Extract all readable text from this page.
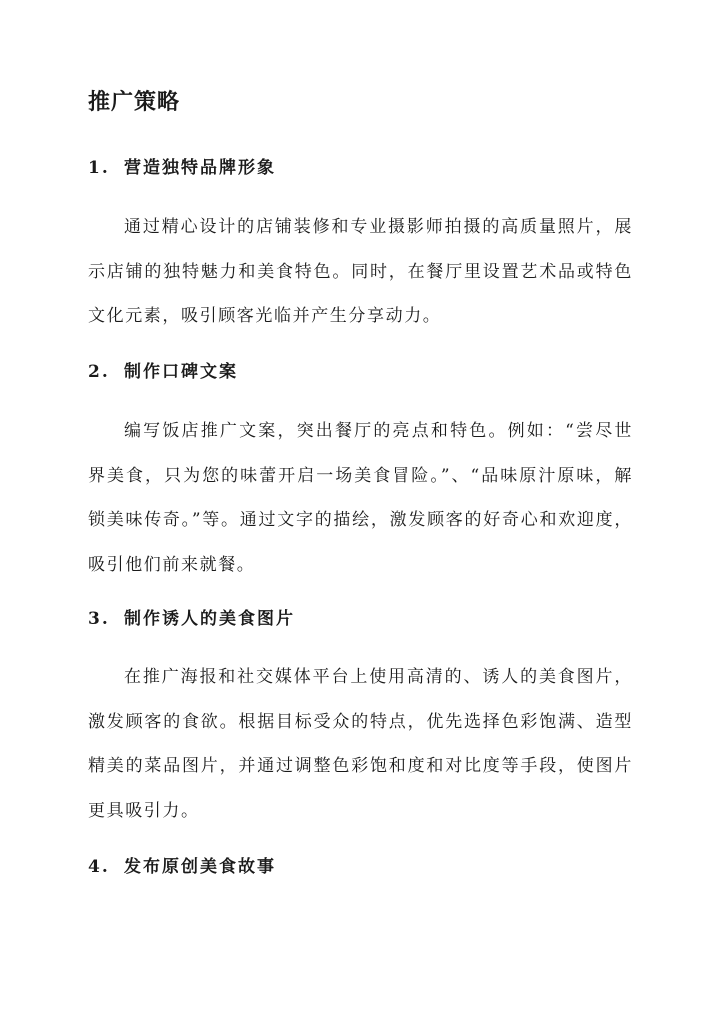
推广策略
1. 营造独特品牌形象

通过精心设计的店铺装修和专业摄影师拍摄的高质量照片，展示店铺的独特魅力和美食特色。同时，在餐厅里设置艺术品或特色文化元素，吸引顾客光临并产生分享动力。

2. 制作口碑文案

编写饭店推广文案，突出餐厅的亮点和特色。例如：“尝尽世界美食，只为您的味蕾开启一场美食冒险。”、“品味原汁原味，解锁美味传奇。”等。通过文字的描绘，激发顾客的好奇心和欢迎度，吸引他们前来就餐。

3. 制作诱人的美食图片

在推广海报和社交媒体平台上使用高清的、诱人的美食图片，激发顾客的食欲。根据目标受众的特点，优先选择色彩饱满、造型精美的菜品图片，并通过调整色彩饱和度和对比度等手段，使图片更具吸引力。

4. 发布原创美食故事
